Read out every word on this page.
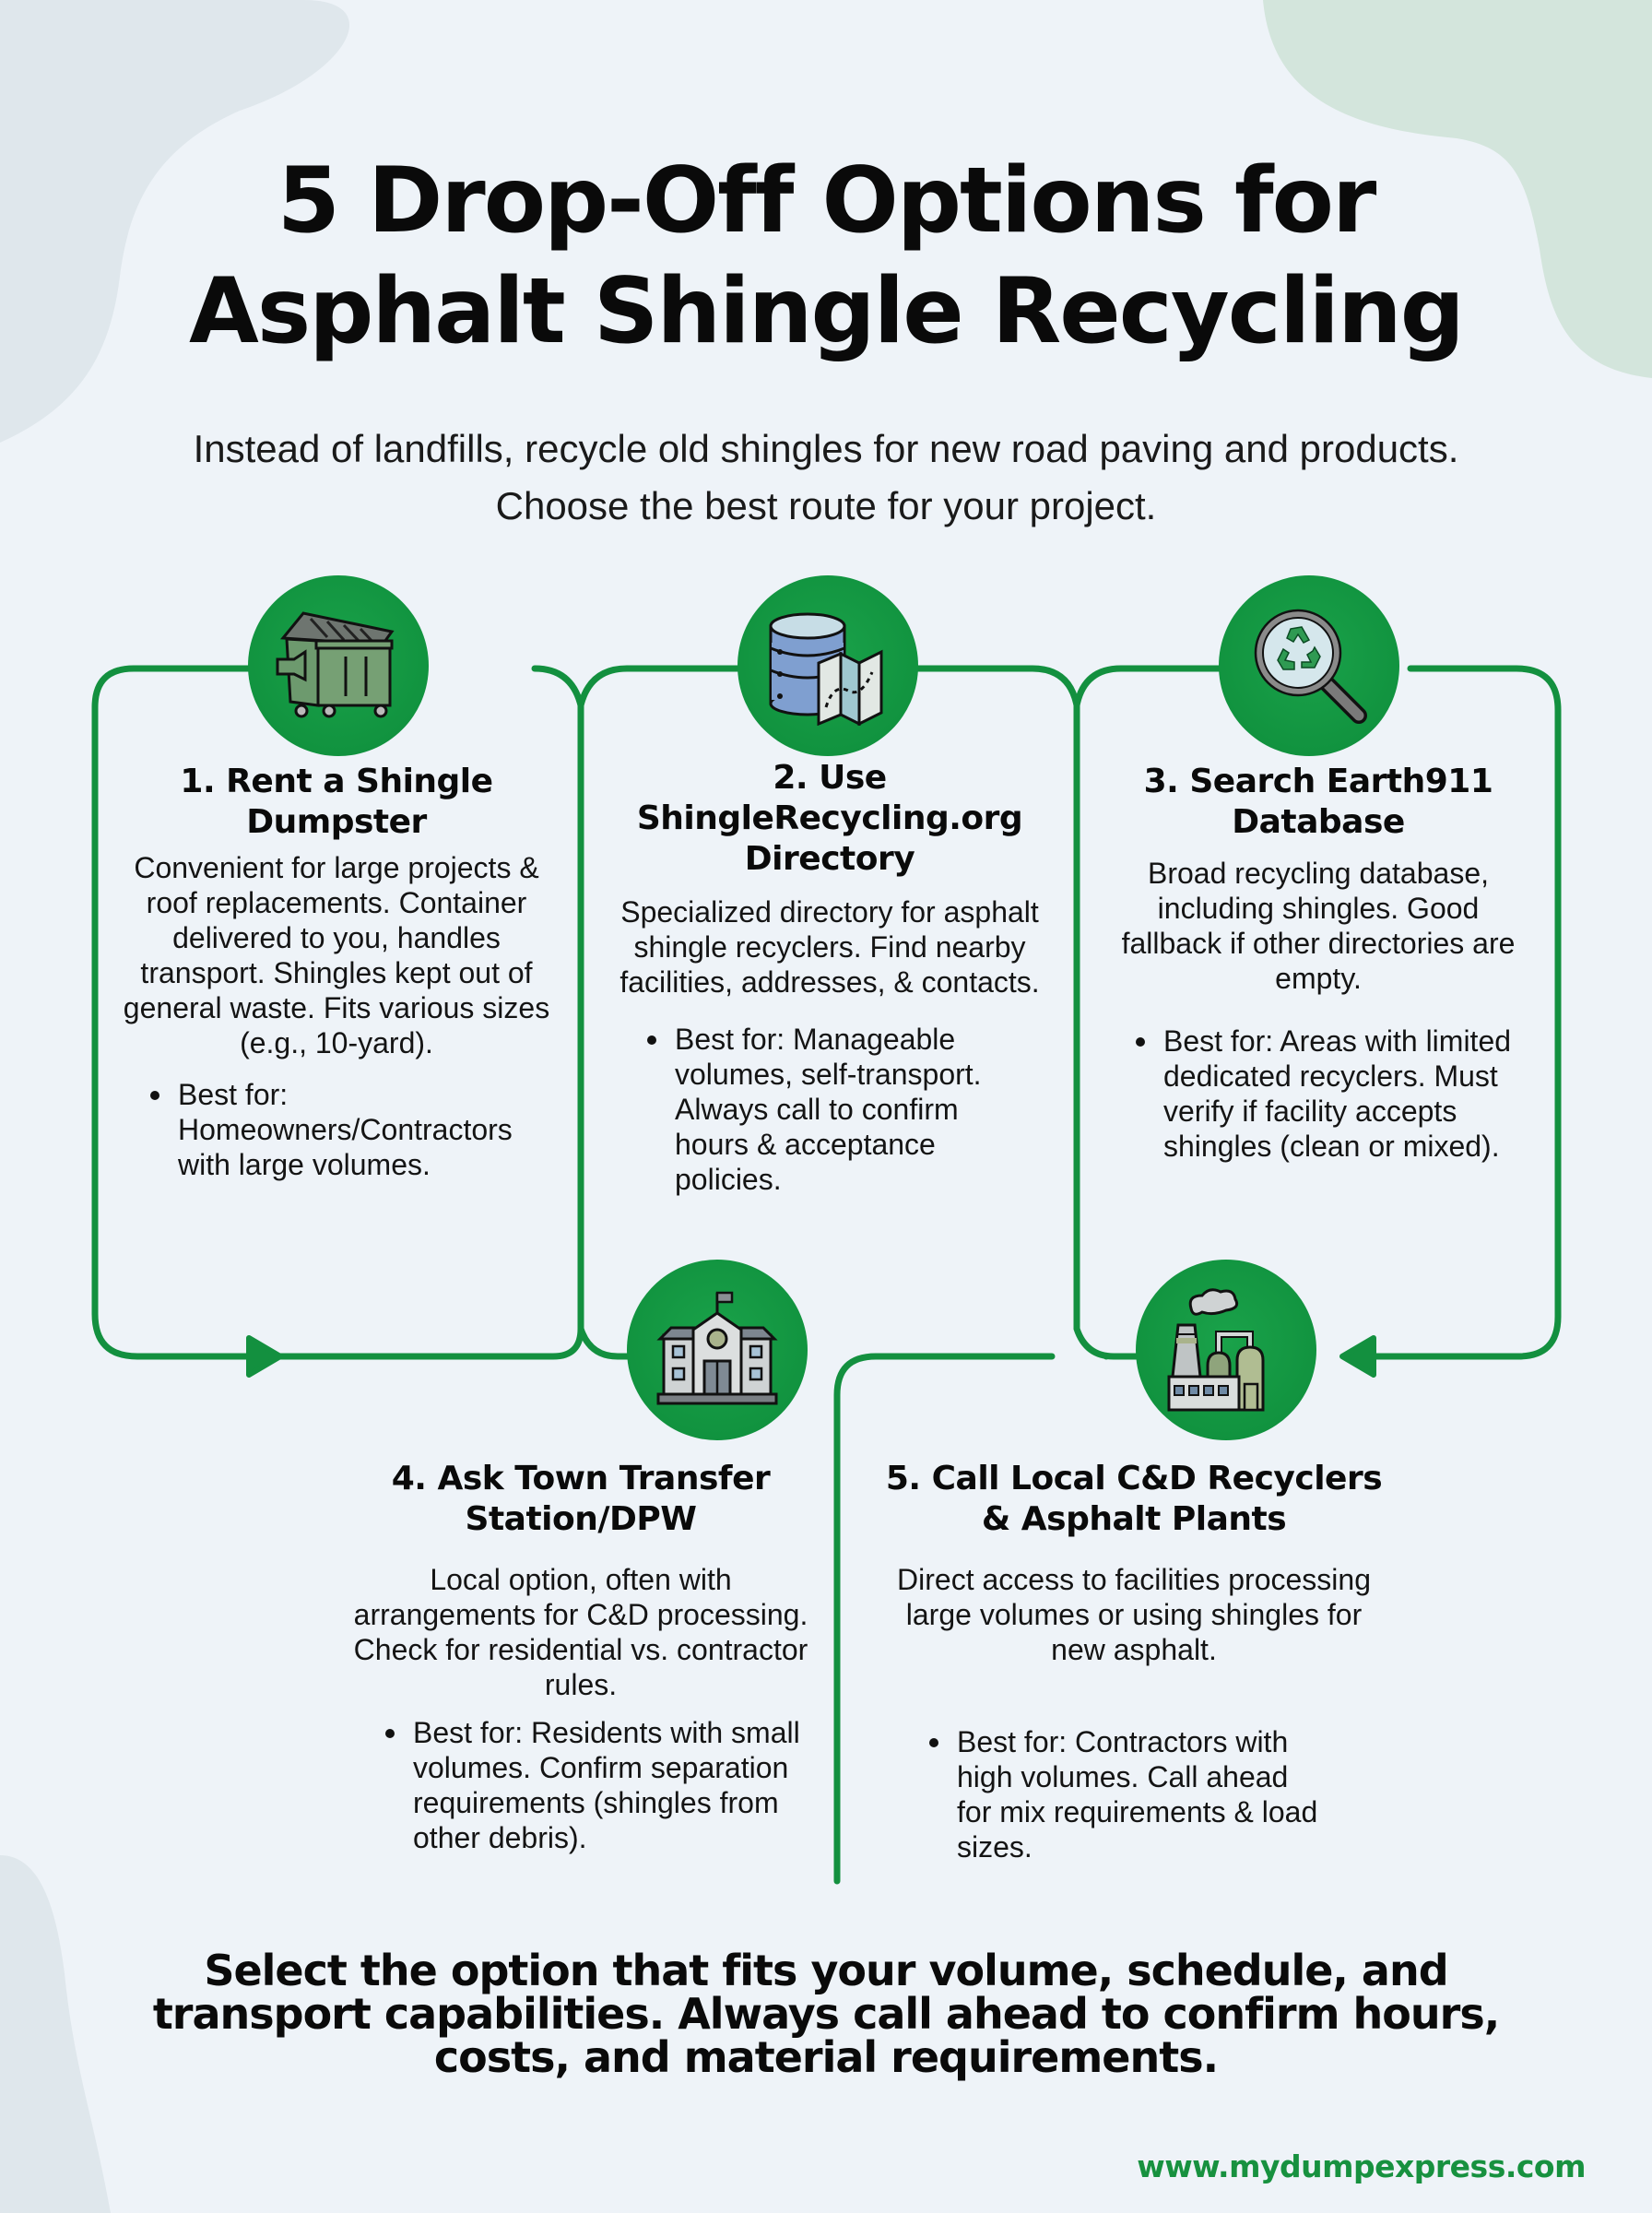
5 Drop-Off Options for
Asphalt Shingle Recycling
Instead of landfills, recycle old shingles for new road paving and products. Choose the best route for your project.
1. Rent a Shingle Dumpster
Convenient for large projects & roof replacements. Container delivered to you, handles transport. Shingles kept out of general waste. Fits various sizes (e.g., 10-yard).
Best for: Homeowners/Contractors with large volumes.
2. Use ShingleRecycling.org Directory
Specialized directory for asphalt shingle recyclers. Find nearby facilities, addresses, & contacts.
Best for: Manageable volumes, self-transport. Always call to confirm hours & acceptance policies.
3. Search Earth911 Database
Broad recycling database, including shingles. Good fallback if other directories are empty.
Best for: Areas with limited dedicated recyclers. Must verify if facility accepts shingles (clean or mixed).
4. Ask Town Transfer Station/DPW
Local option, often with arrangements for C&D processing. Check for residential vs. contractor rules.
Best for: Residents with small volumes. Confirm separation requirements (shingles from other debris).
5. Call Local C&D Recyclers & Asphalt Plants
Direct access to facilities processing large volumes or using shingles for new asphalt.
Best for: Contractors with high volumes. Call ahead for mix requirements & load sizes.
Select the option that fits your volume, schedule, and transport capabilities. Always call ahead to confirm hours, costs, and material requirements.
www.mydumpexpress.com
